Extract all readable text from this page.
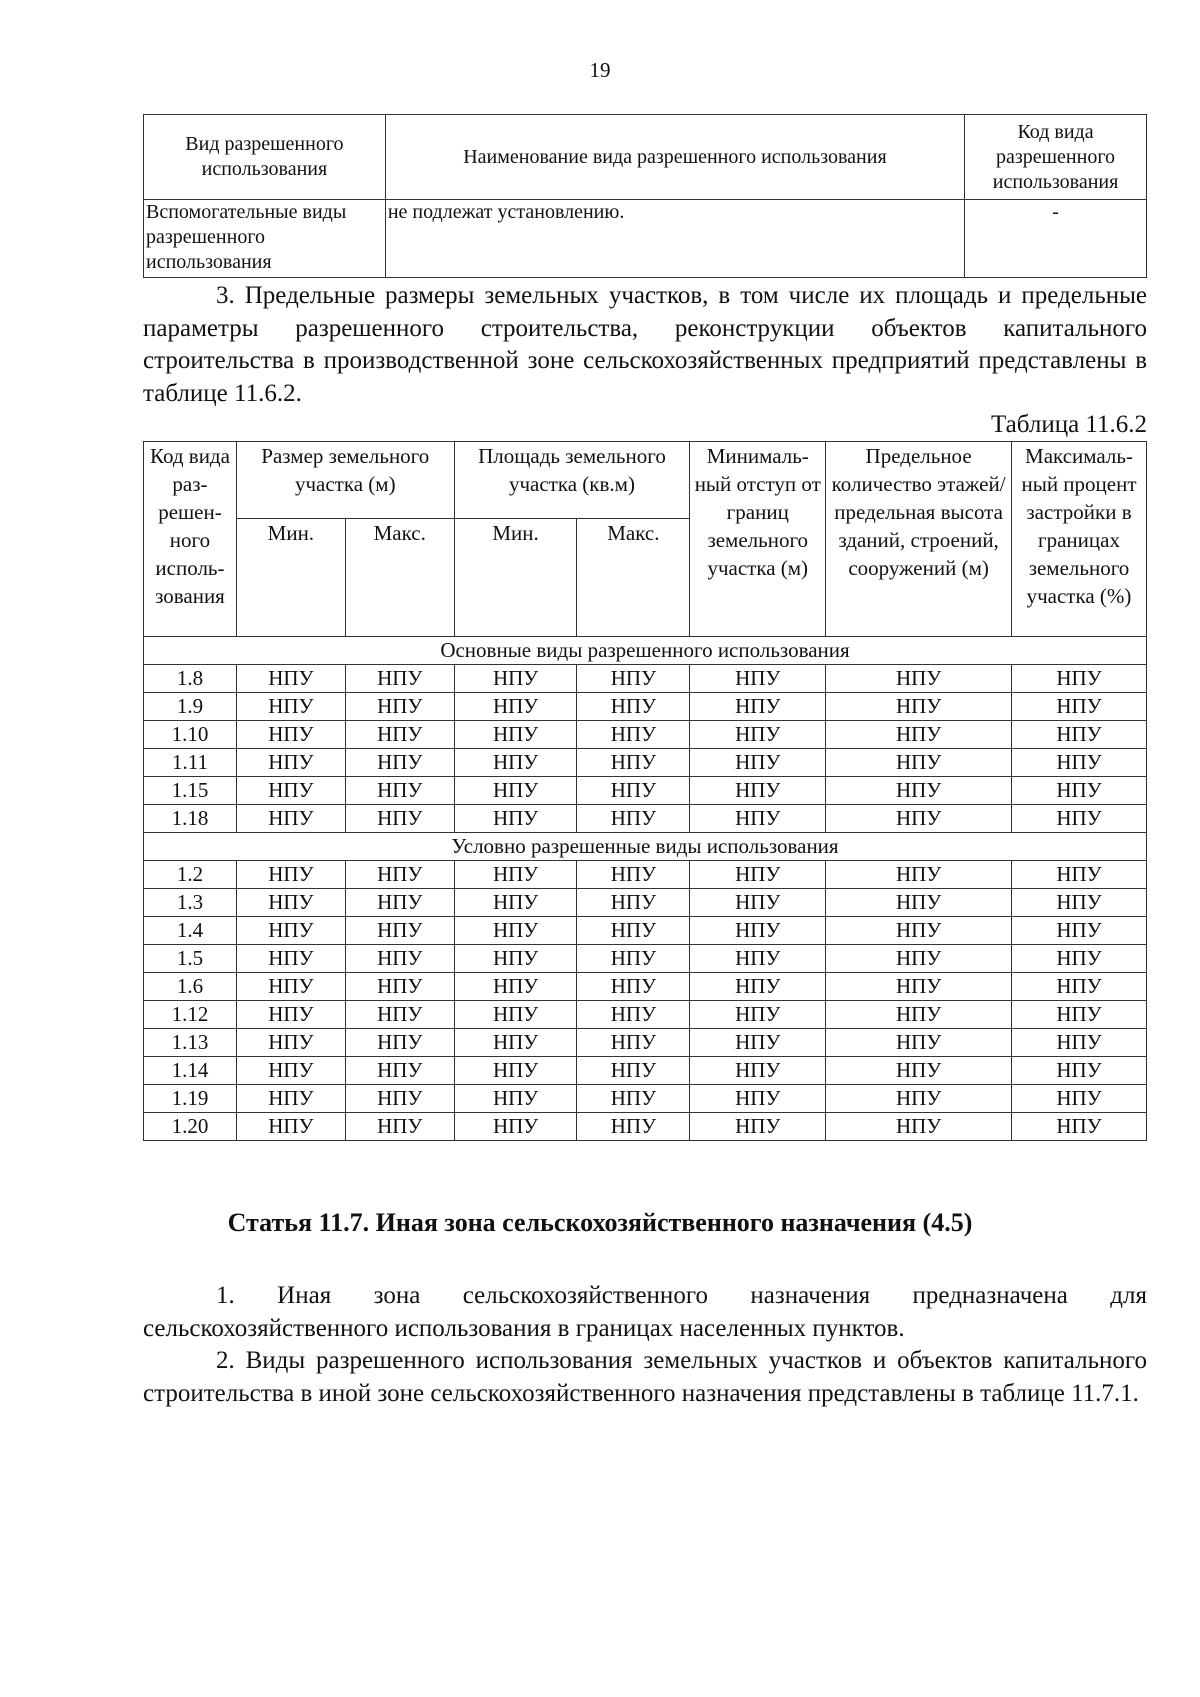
19
Вид разрешенного использования	Наименование вида разрешенного использования	Код вида разрешенного использования
Вспомогательные виды разрешенного использования	не подлежат установлению.	-

3. Предельные размеры земельных участков, в том числе их площадь и предельные параметры разрешенного строительства, реконструкции объектов капитального строительства в производственной зоне сельскохозяйственных предприятий представлены в таблице 11.6.2.

Таблица 11.6.2
Код вида раз-решен-ного исполь-зования	Размер земельного участка (м)		Площадь земельного участка (кв.м)		Минималь-ный отступ от границ земельного участка (м)	Предельное количество этажей/ предельная высота зданий, строений, сооружений (м)	Максималь-ный процент застройки в границах земельного участка (%)
	Мин.	Макс.	Мин.	Макс.			
Основные виды разрешенного использования							
1.8	НПУ	НПУ	НПУ	НПУ	НПУ	НПУ	НПУ
1.9	НПУ	НПУ	НПУ	НПУ	НПУ	НПУ	НПУ
1.10	НПУ	НПУ	НПУ	НПУ	НПУ	НПУ	НПУ
1.11	НПУ	НПУ	НПУ	НПУ	НПУ	НПУ	НПУ
1.15	НПУ	НПУ	НПУ	НПУ	НПУ	НПУ	НПУ
1.18	НПУ	НПУ	НПУ	НПУ	НПУ	НПУ	НПУ
Условно разрешенные виды использования							
1.2	НПУ	НПУ	НПУ	НПУ	НПУ	НПУ	НПУ
1.3	НПУ	НПУ	НПУ	НПУ	НПУ	НПУ	НПУ
1.4	НПУ	НПУ	НПУ	НПУ	НПУ	НПУ	НПУ
1.5	НПУ	НПУ	НПУ	НПУ	НПУ	НПУ	НПУ
1.6	НПУ	НПУ	НПУ	НПУ	НПУ	НПУ	НПУ
1.12	НПУ	НПУ	НПУ	НПУ	НПУ	НПУ	НПУ
1.13	НПУ	НПУ	НПУ	НПУ	НПУ	НПУ	НПУ
1.14	НПУ	НПУ	НПУ	НПУ	НПУ	НПУ	НПУ
1.19	НПУ	НПУ	НПУ	НПУ	НПУ	НПУ	НПУ
1.20	НПУ	НПУ	НПУ	НПУ	НПУ	НПУ	НПУ
Статья 11.7. Иная зона сельскохозяйственного назначения (4.5)

1. Иная зона сельскохозяйственного назначения предназначена для сельскохозяйственного использования в границах населенных пунктов.

2. Виды разрешенного использования земельных участков и объектов капитального строительства в иной зоне сельскохозяйственного назначения представлены в таблице 11.7.1.
